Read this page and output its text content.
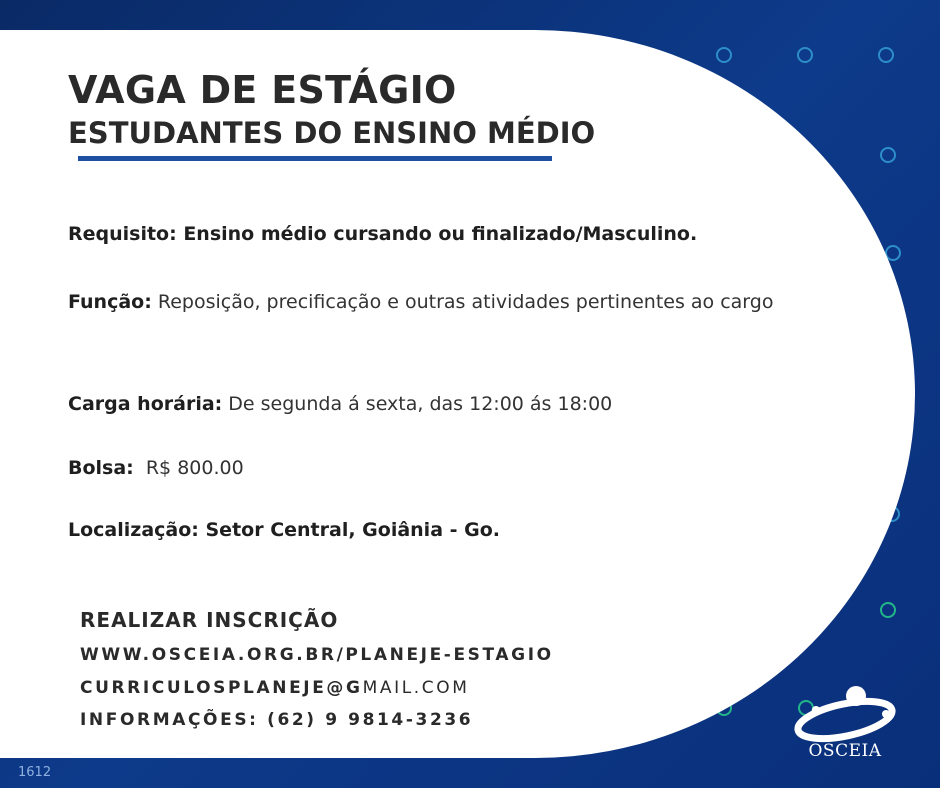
VAGA DE ESTÁGIO
ESTUDANTES DO ENSINO MÉDIO

Requisito: Ensino médio cursando ou finalizado/Masculino.

Função: Reposição, precificação e outras atividades pertinentes ao cargo

Carga horária: De segunda á sexta, das 12:00 ás 18:00

Bolsa:  R$ 800.00

Localização: Setor Central, Goiânia - Go.

REALIZAR INSCRIÇÃO

WWW.OSCEIA.ORG.BR/PLANEJE-ESTAGIO

CURRICULOSPLANEJE@GMAIL.COM

INFORMAÇÕES: (62) 9 9814-3236

OSCEIA
1612
